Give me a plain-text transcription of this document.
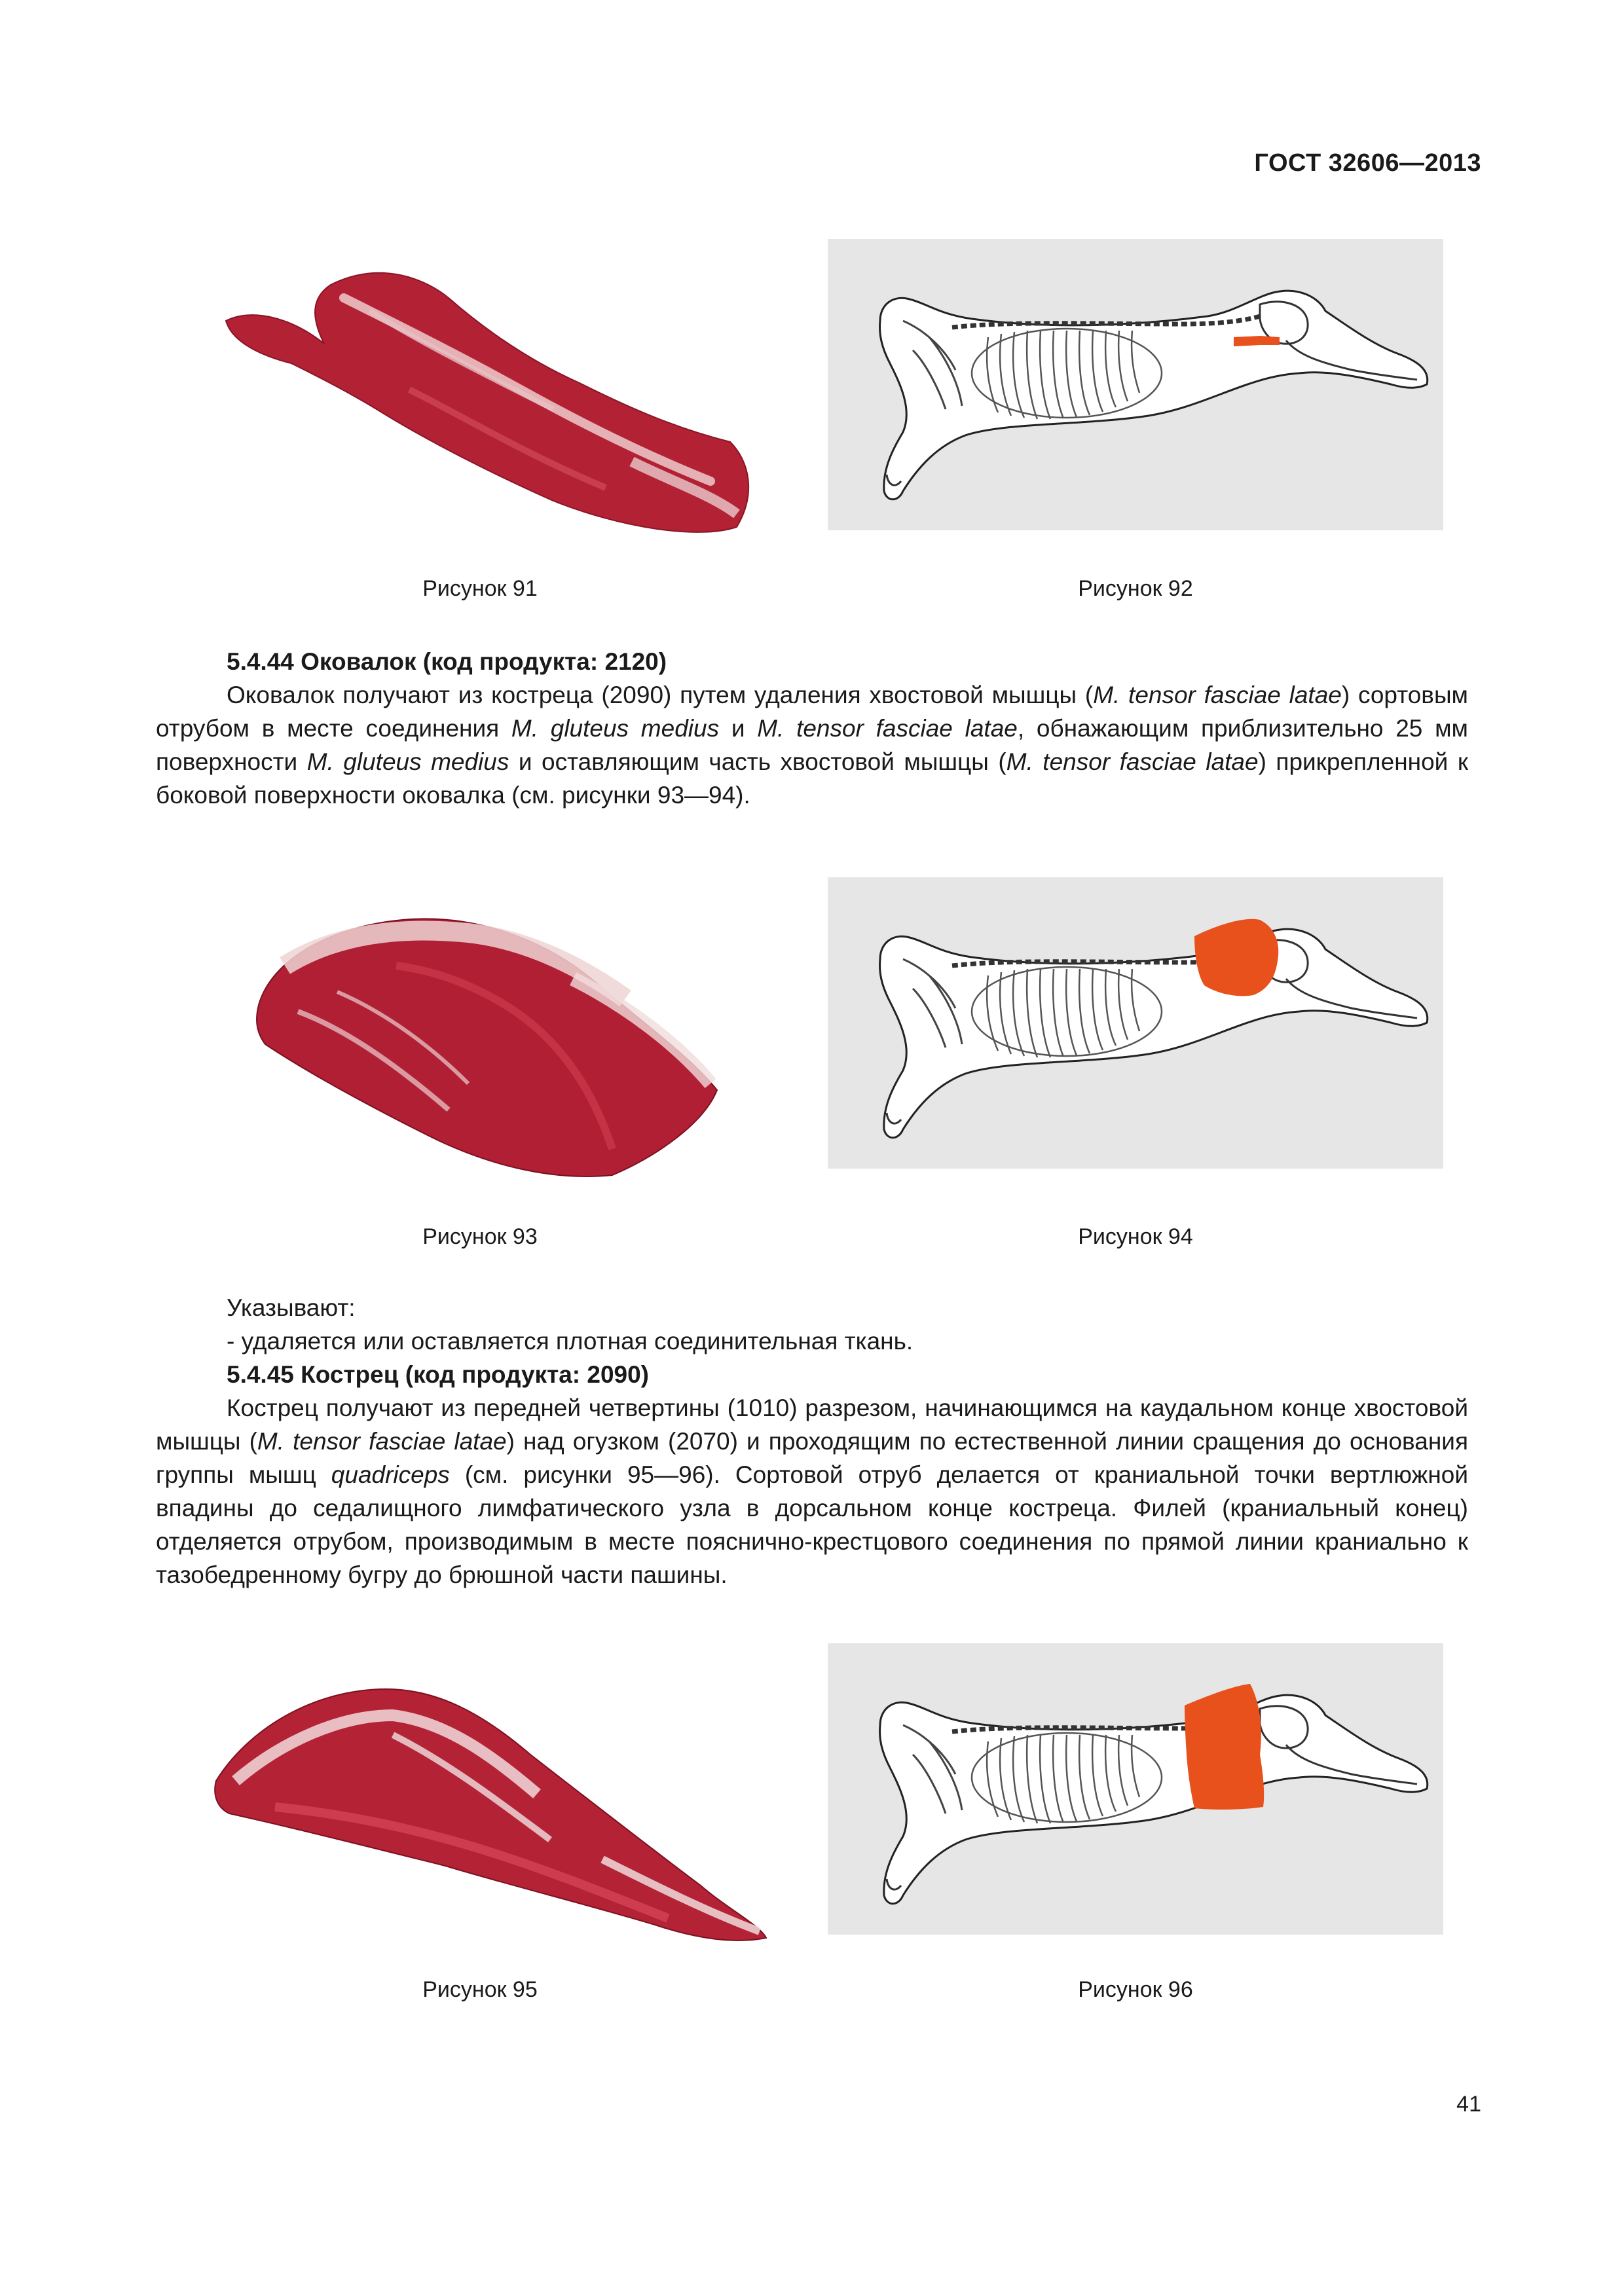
ГОСТ 32606—2013
Рисунок 91	Рисунок 92

5.4.44 Оковалок (код продукта: 2120)

Оковалок получают из костреца (2090) путем удаления хвостовой мышцы (M. tensor fasciae latae) сортовым отрубом в месте соединения M. gluteus medius и M. tensor fasciae latae, обнажающим приблизительно 25 мм поверхности M. gluteus medius и оставляющим часть хвостовой мышцы (M. tensor fasciae latae) прикрепленной к боковой поверхности оковалка (см. рисунки 93—94).

Рисунок 93	Рисунок 94

Указывают:

- удаляется или оставляется плотная соединительная ткань.

5.4.45 Кострец (код продукта: 2090)

Кострец получают из передней четвертины (1010) разрезом, начинающимся на каудальном конце хвостовой мышцы (M. tensor fasciae latae) над огузком (2070) и проходящим по естественной линии сращения до основания группы мышц quadriceps (см. рисунки 95—96). Сортовой отруб делается от краниальной точки вертлюжной впадины до седалищного лимфатического узла в дорсальном конце костреца. Филей (краниальный конец) отделяется отрубом, производимым в месте пояснично-крестцового соединения по прямой линии краниально к тазобедренному бугру до брюшной части пашины.

Рисунок 95	Рисунок 96
41
